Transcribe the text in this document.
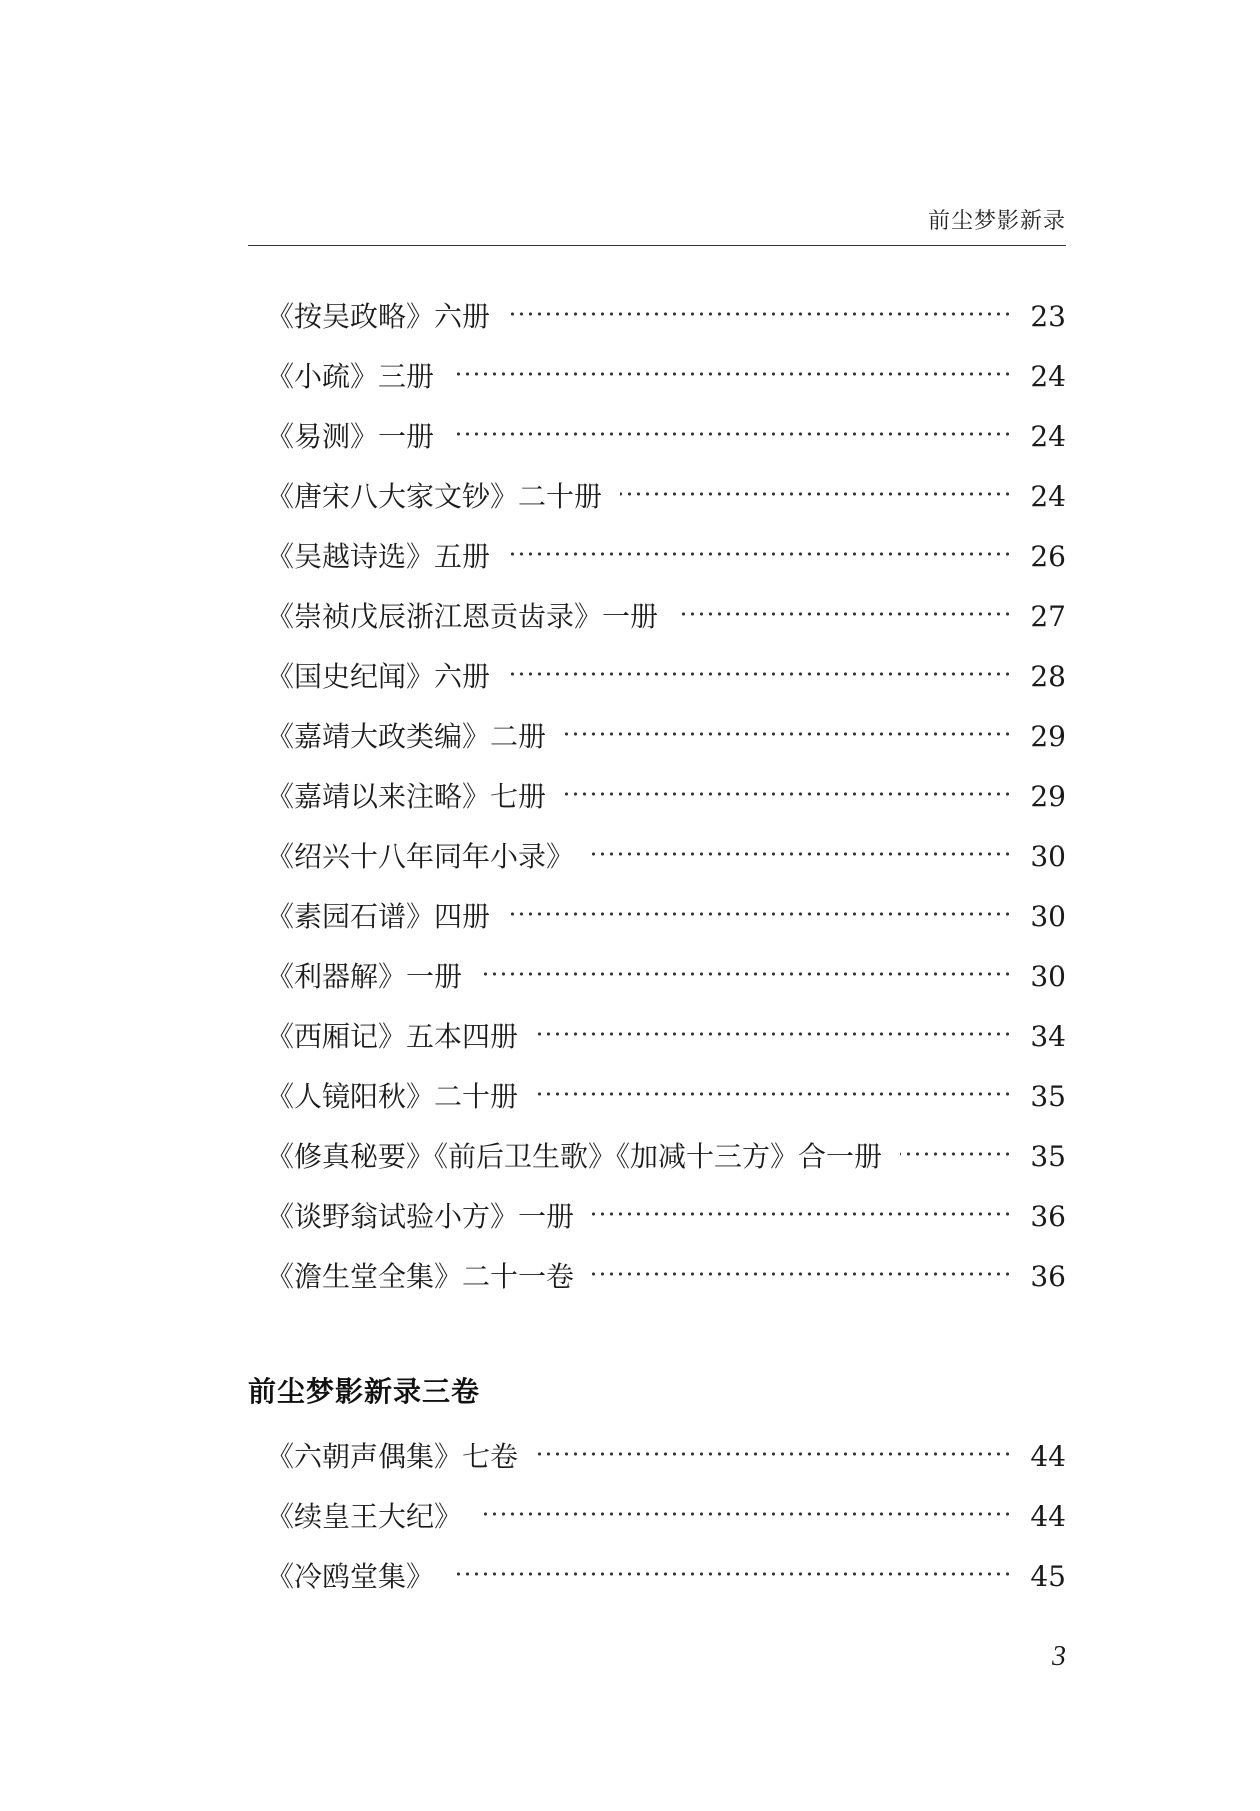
前尘梦影新录
《按吴政略》六册	23
《小疏》三册	24
《易测》一册	24
《唐宋八大家文钞》二十册	24
《吴越诗选》五册	26
《崇祯戊辰浙江恩贡齿录》一册	27
《国史纪闻》六册	28
《嘉靖大政类编》二册	29
《嘉靖以来注略》七册	29
《绍兴十八年同年小录》	30
《素园石谱》四册	30
《利器解》一册	30
《西厢记》五本四册	34
《人镜阳秋》二十册	35
《修真秘要》《前后卫生歌》《加减十三方》合一册	35
《谈野翁试验小方》一册	36
《澹生堂全集》二十一卷	36
前尘梦影新录三卷
《六朝声偶集》七卷	44
《续皇王大纪》	44
《冷鸥堂集》	45
3
